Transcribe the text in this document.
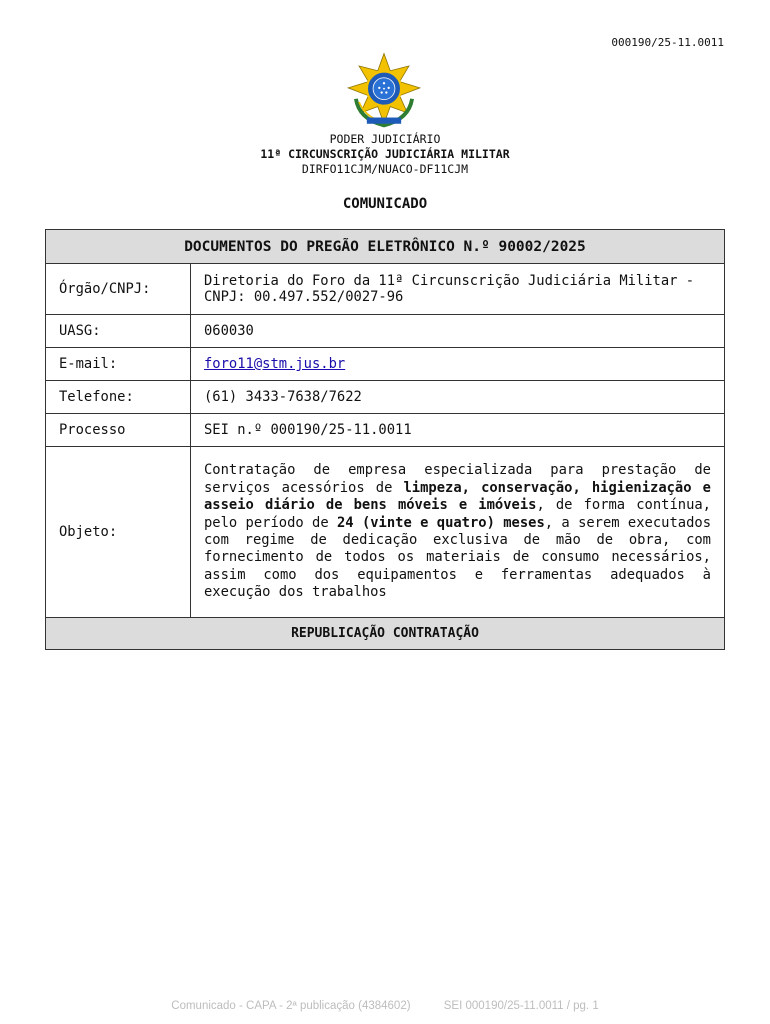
000190/25-11.0011
PODER JUDICIÁRIO
11ª CIRCUNSCRIÇÃO JUDICIÁRIA MILITAR
DIRFO11CJM/NUACO-DF11CJM
COMUNICADO
DOCUMENTOS DO PREGÃO ELETRÔNICO N.º 90002/2025	
Órgão/CNPJ:	Diretoria do Foro da 11ª Circunscrição Judiciária Militar - CNPJ: 00.497.552/0027-96
UASG:	060030
E-mail:	foro11@stm.jus.br
Telefone:	(61) 3433-7638/7622
Processo	SEI n.º 000190/25-11.0011
Objeto:	Contratação de empresa especializada para prestação de serviços acessórios de limpeza, conservação, higienização e asseio diário de bens móveis e imóveis, de forma contínua, pelo período de 24 (vinte e quatro) meses, a serem executados com regime de dedicação exclusiva de mão de obra, com fornecimento de todos os materiais de consumo necessários, assim como dos equipamentos e ferramentas adequados à execução dos trabalhos
REPUBLICAÇÃO CONTRATAÇÃO	
Comunicado - CAPA - 2ª publicação (4384602)	SEI 000190/25-11.0011 / pg. 1
